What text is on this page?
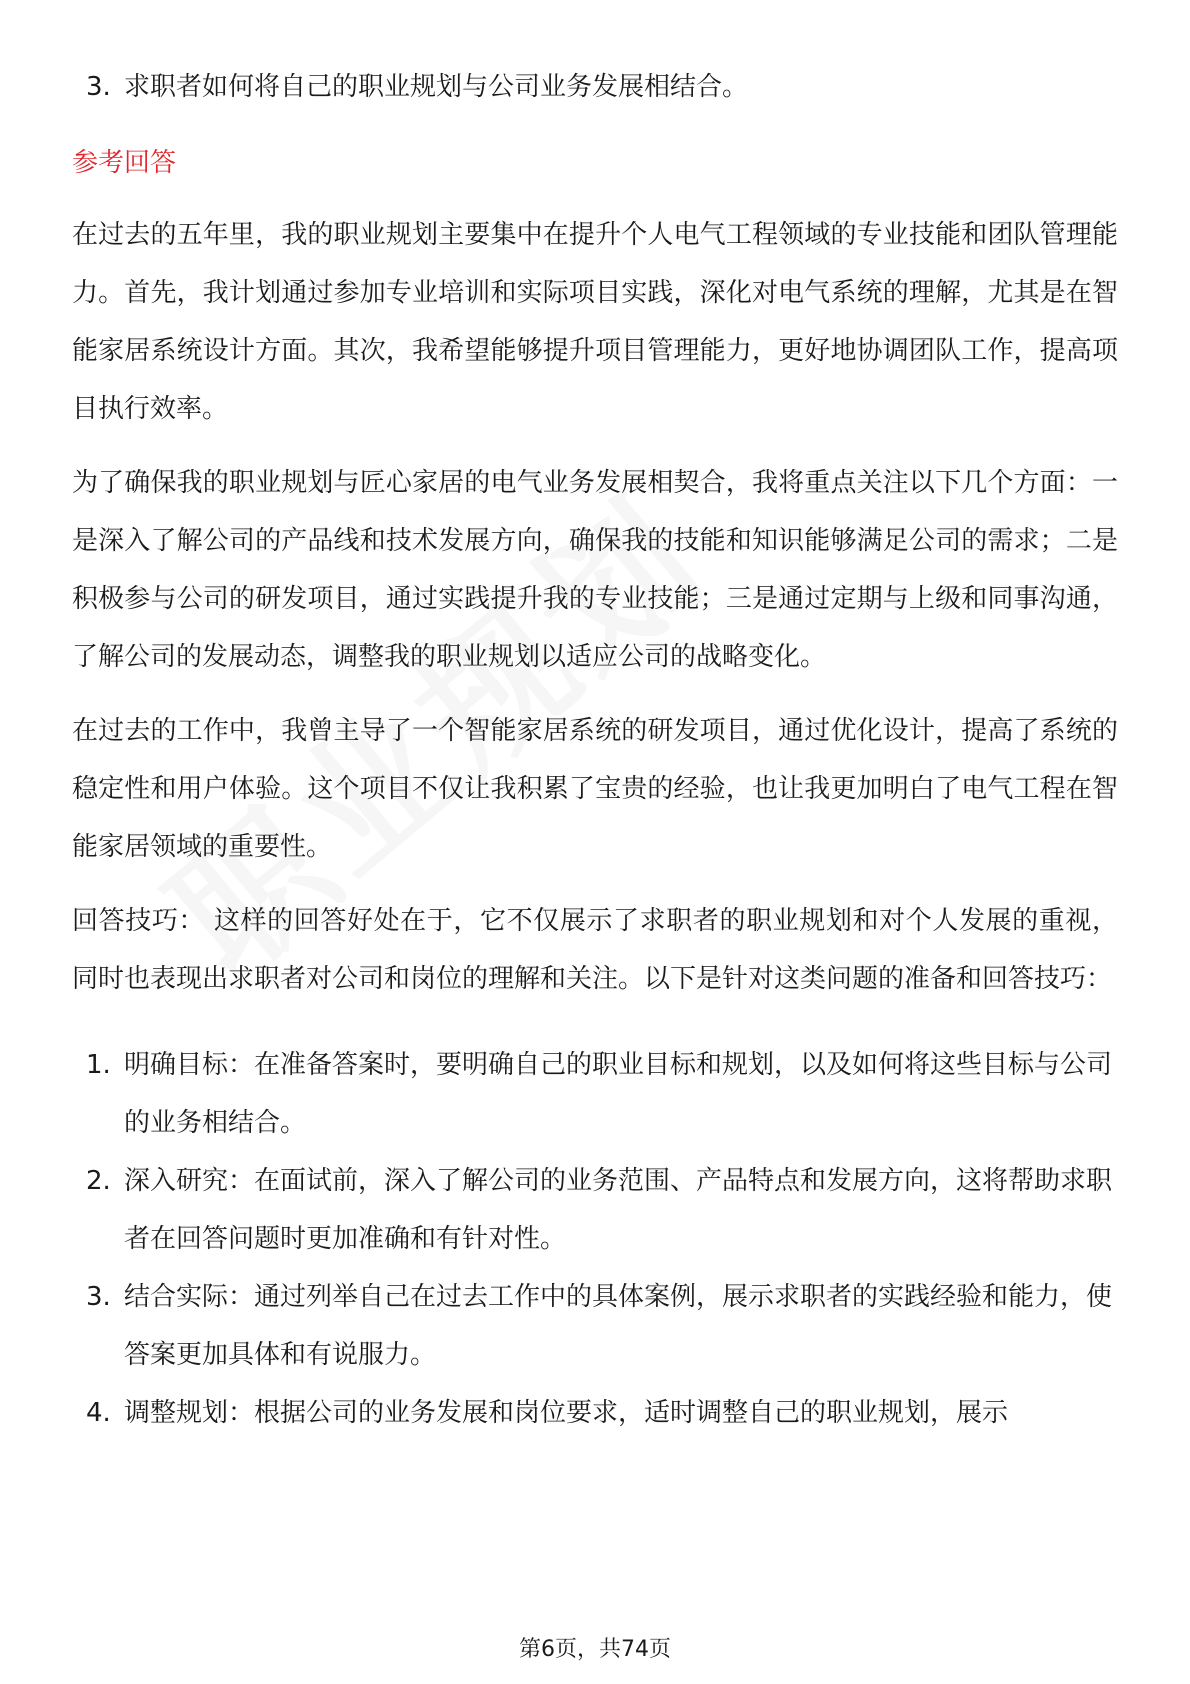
3. 求职者如何将自己的职业规划与公司业务发展相结合。
参考回答
在过去的五年里，我的职业规划主要集中在提升个人电气工程领域的专业技能和团队管理能力。首先，我计划通过参加专业培训和实际项目实践，深化对电气系统的理解，尤其是在智能家居系统设计方面。其次，我希望能够提升项目管理能力，更好地协调团队工作，提高项目执行效率。
为了确保我的职业规划与匠心家居的电气业务发展相契合，我将重点关注以下几个方面：一是深入了解公司的产品线和技术发展方向，确保我的技能和知识能够满足公司的需求；二是积极参与公司的研发项目，通过实践提升我的专业技能；三是通过定期与上级和同事沟通，了解公司的发展动态，调整我的职业规划以适应公司的战略变化。
在过去的工作中，我曾主导了一个智能家居系统的研发项目，通过优化设计，提高了系统的稳定性和用户体验。这个项目不仅让我积累了宝贵的经验，也让我更加明白了电气工程在智能家居领域的重要性。
回答技巧： 这样的回答好处在于，它不仅展示了求职者的职业规划和对个人发展的重视，同时也表现出求职者对公司和岗位的理解和关注。以下是针对这类问题的准备和回答技巧：
1. 明确目标：在准备答案时，要明确自己的职业目标和规划，以及如何将这些目标与公司的业务相结合。
2. 深入研究：在面试前，深入了解公司的业务范围、产品特点和发展方向，这将帮助求职者在回答问题时更加准确和有针对性。
3. 结合实际：通过列举自己在过去工作中的具体案例，展示求职者的实践经验和能力，使答案更加具体和有说服力。
4. 调整规划：根据公司的业务发展和岗位要求，适时调整自己的职业规划，展示
第6页，共74页
